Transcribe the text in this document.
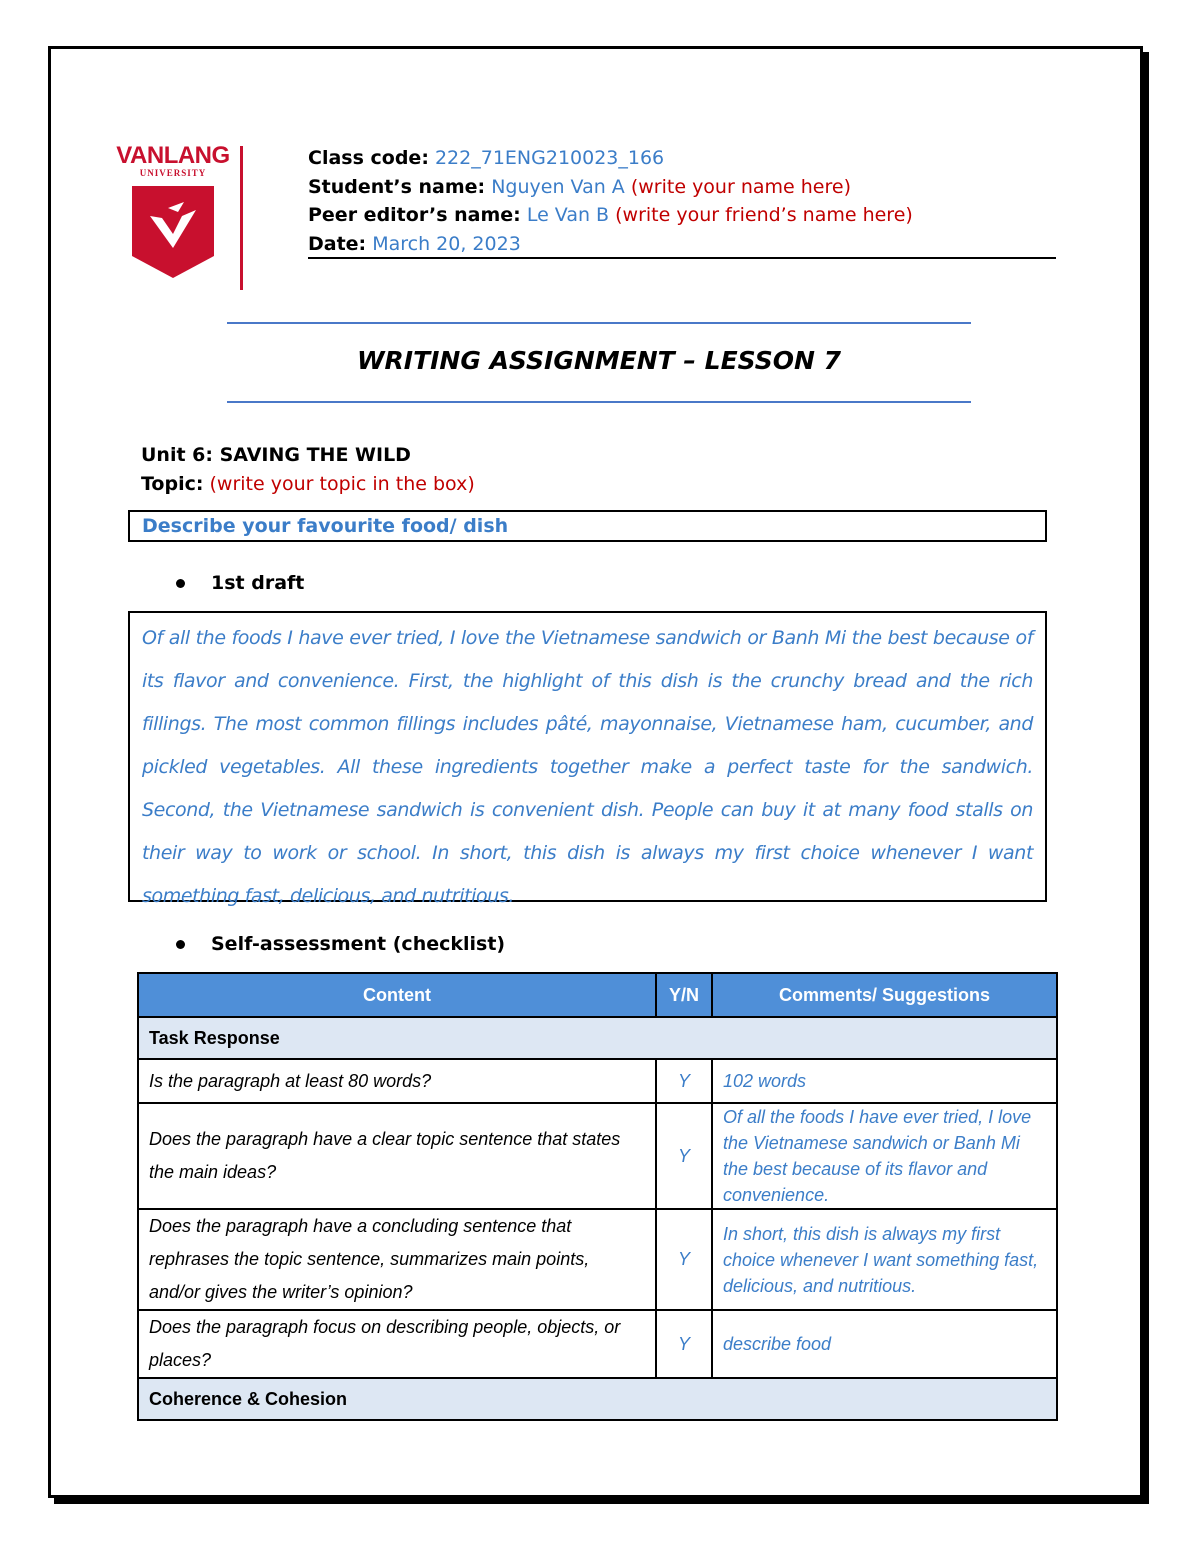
VANLANG
UNIVERSITY
Class code: 222_71ENG210023_166
Student’s name: Nguyen Van A (write your name here)
Peer editor’s name: Le Van B (write your friend’s name here)
Date: March 20, 2023
WRITING ASSIGNMENT – LESSON 7
Unit 6: SAVING THE WILD
Topic: (write your topic in the box)
Describe your favourite food/ dish
1st draft
Of all the foods I have ever tried, I love the Vietnamese sandwich or Banh Mi the best because of its flavor and convenience. First, the highlight of this dish is the crunchy bread and the rich fillings. The most common fillings includes pâté, mayonnaise, Vietnamese ham, cucumber, and pickled vegetables. All these ingredients together make a perfect taste for the sandwich. Second, the Vietnamese sandwich is convenient dish. People can buy it at many food stalls on their way to work or school. In short, this dish is always my first choice whenever I want something fast, delicious, and nutritious.
Self-assessment (checklist)
Content	Y/N	Comments/ Suggestions
Task Response		
Is the paragraph at least 80 words?	Y	102 words
Does the paragraph have a clear topic sentence that states the main ideas?	Y	Of all the foods I have ever tried, I love the Vietnamese sandwich or Banh Mi the best because of its flavor and convenience.
Does the paragraph have a concluding sentence that rephrases the topic sentence, summarizes main points, and/or gives the writer’s opinion?	Y	In short, this dish is always my first choice whenever I want something fast, delicious, and nutritious.
Does the paragraph focus on describing people, objects, or places?	Y	describe food
Coherence & Cohesion		
